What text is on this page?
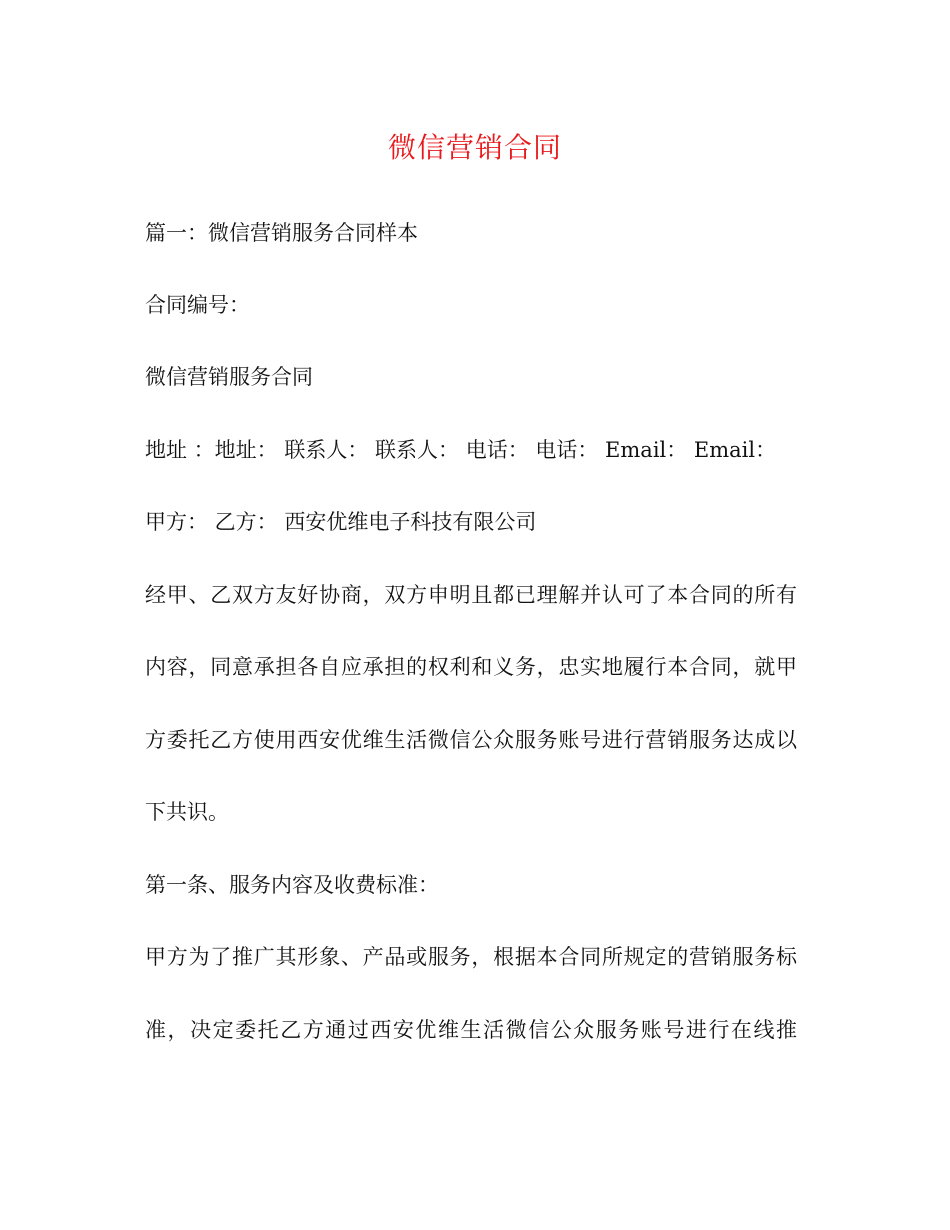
微信营销合同
篇一：微信营销服务合同样本
合同编号：
微信营销服务合同
地址 ：地址： 联系人： 联系人： 电话： 电话： Email： Email：
甲方： 乙方： 西安优维电子科技有限公司
经甲、乙双方友好协商，双方申明且都已理解并认可了本合同的所有
内容，同意承担各自应承担的权利和义务，忠实地履行本合同，就甲
方委托乙方使用西安优维生活微信公众服务账号进行营销服务达成以
下共识。
第一条、服务内容及收费标准：
甲方为了推广其形象、产品或服务，根据本合同所规定的营销服务标
准，决定委托乙方通过西安优维生活微信公众服务账号进行在线推
